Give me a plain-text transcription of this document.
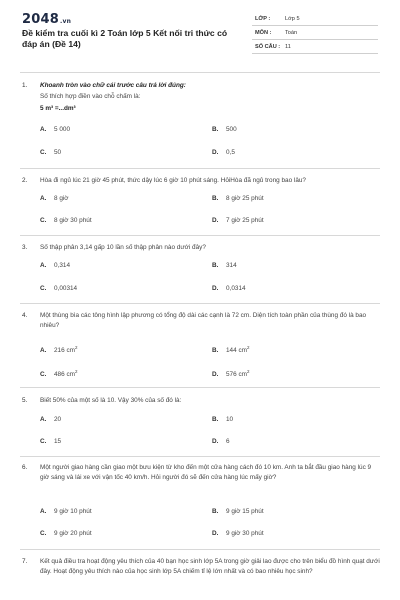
2048.vn
Đề kiểm tra cuối kì 2 Toán lớp 5 Kết nối tri thức có đáp án (Đề 14)
LỚP :	Lớp 5
MÔN : Toán
SỐ CÂU : 11
1.	Khoanh tròn vào chữ cái trước câu trả lời đúng:
Số thích hợp điền vào chỗ chấm là:
5 m³ =...dm³
A. 5 000	B. 500
C. 50	D. 0,5
2.	Hòa đi ngủ lúc 21 giờ 45 phút, thức dậy lúc 6 giờ 10 phút sáng. HỏiHòa đã ngủ trong bao lâu?
A. 8 giờ	B. 8 giờ 25 phút
C. 8 giờ 30 phút	D. 7 giờ 25 phút
3.	Số thập phân 3,14 gấp 10 lần số thập phân nào dưới đây?
A. 0,314	B. 314
C. 0,00314	D. 0,0314
4.	Một thùng bìa các tông hình lập phương có tổng độ dài các cạnh là 72 cm. Diện tích toàn phần của thùng đó là bao nhiêu?
A. 216 $cm^2$	B. 144 $cm^2$
C. 486 $cm^2$	D. 576 $cm^2$
5.	Biết 50% của một số là 10. Vậy 30% của số đó là:
A. 20	B. 10
C. 15	D. 6
6.	Một người giao hàng cần giao một bưu kiện từ kho đến một cửa hàng cách đó 10 km. Anh ta bắt đầu giao hàng lúc 9 giờ sáng và lái xe với vận tốc 40 km/h. Hỏi người đó sẽ đến cửa hàng lúc mấy giờ?
A. 9 giờ 10 phút	B. 9 giờ 15 phút
C. 9 giờ 20 phút	D. 9 giờ 30 phút
7.	Kết quả điều tra hoạt động yêu thích của 40 bạn học sinh lớp 5A trong giờ giải lao được cho trên biểu đồ hình quạt dưới đây. Hoạt động yêu thích nào của học sinh lớp 5A chiếm tỉ lệ lớn nhất và có bao nhiêu học sinh?
